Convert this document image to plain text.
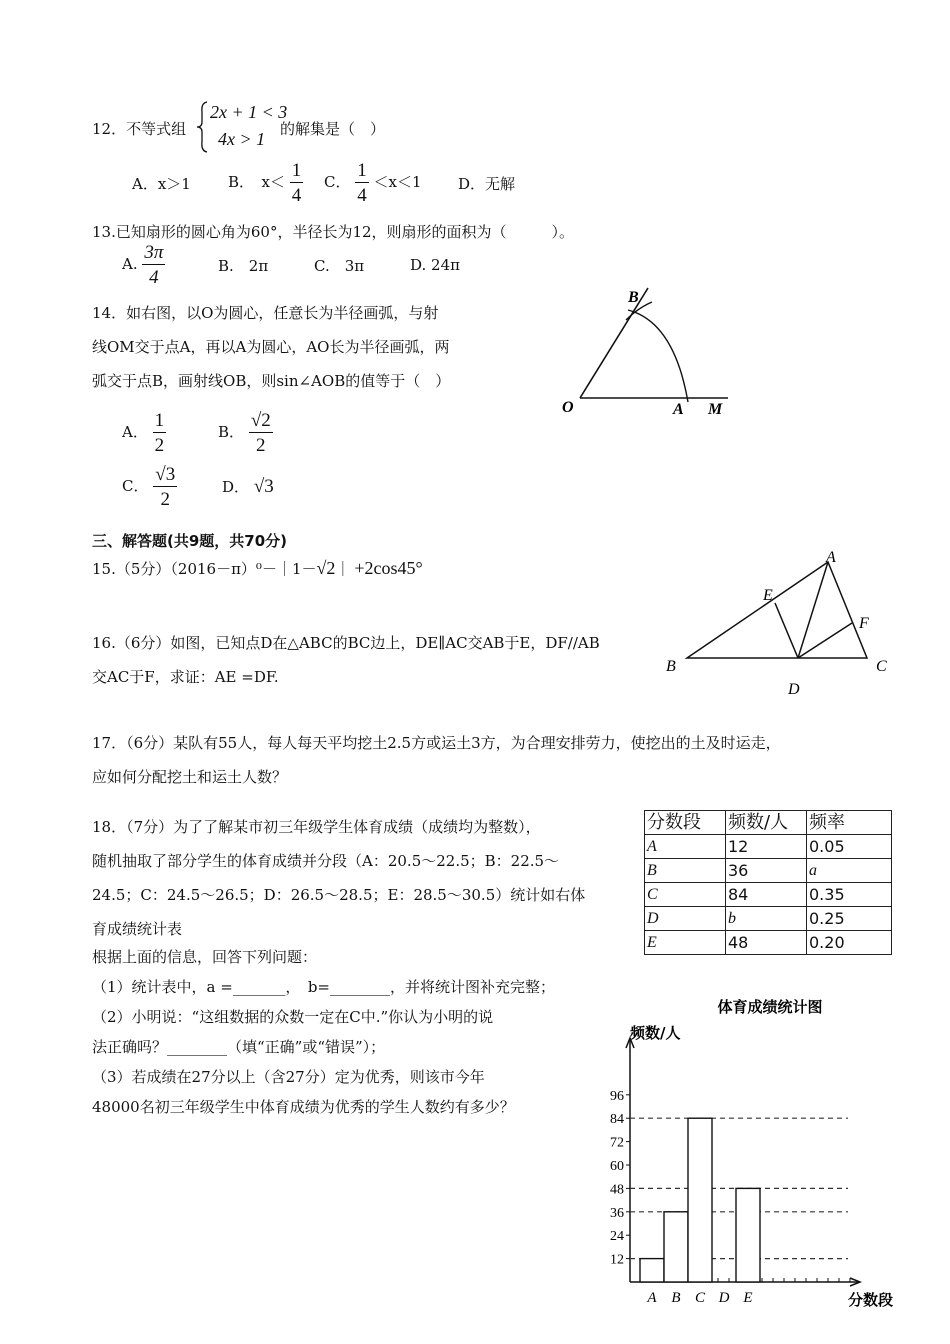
12．不等式组
2x + 1 < 3
4x > 1 的解集是（　）
A．x＞1	B．　$x< \frac{1}{4}$ C． $\frac{1}{4} <x<1$	D．无解
13.已知扇形的圆心角为60°，半径长为12，则扇形的面积为（　　　）。
A. $\frac{3\pi}{4}$	B.　2π	C.　3π	D. 24π
14．如右图，以O为圆心，任意长为半径画弧，与射
线OM交于点A，再以A为圆心，AO长为半径画弧，两
弧交于点B，画射线OB，则sin∠AOB的值等于（　）
A． $\frac{1}{2}$	B． $\frac{√2}{2}$
C． $\frac{√3}{2}$	D． √3
B
O	A M
三、解答题(共9题，共70分)
15.（5分）（2016－π）⁰－｜1－ √2 ｜ +2cos45°
16.（6分）如图，已知点D在△ABC的BC边上，DE∥AC交AB于E，DF//AB
交AC于F，求证：AE =DF.
A
E
F
B	C
D
17．（6分）某队有55人，每人每天平均挖土2.5方或运土3方，为合理安排劳力，使挖出的土及时运走，
应如何分配挖土和运土人数？
18．（7分）为了了解某市初三年级学生体育成绩（成绩均为整数），
随机抽取了部分学生的体育成绩并分段（A：20.5～22.5；B：22.5～
24.5；C：24.5～26.5；D：26.5～28.5；E：28.5～30.5）统计如右体
育成绩统计表
根据上面的信息，回答下列问题：
（1）统计表中，a =_______，　b=________，并将统计图补充完整；
（2）小明说：“这组数据的众数一定在C中.”你认为小明的说
法正确吗？________（填“正确”或“错误”）；
（3）若成绩在27分以上（含27分）定为优秀，则该市今年
48000名初三年级学生中体育成绩为优秀的学生人数约有多少？
分数段	频数/人	频率
A	12	0.05
B	36	a
C	84	0.35
D	b	0.25
E	48	0.20
体育成绩统计图
频数/人
分数段
12
24
36
48
60
72
84
96
A B C D E
